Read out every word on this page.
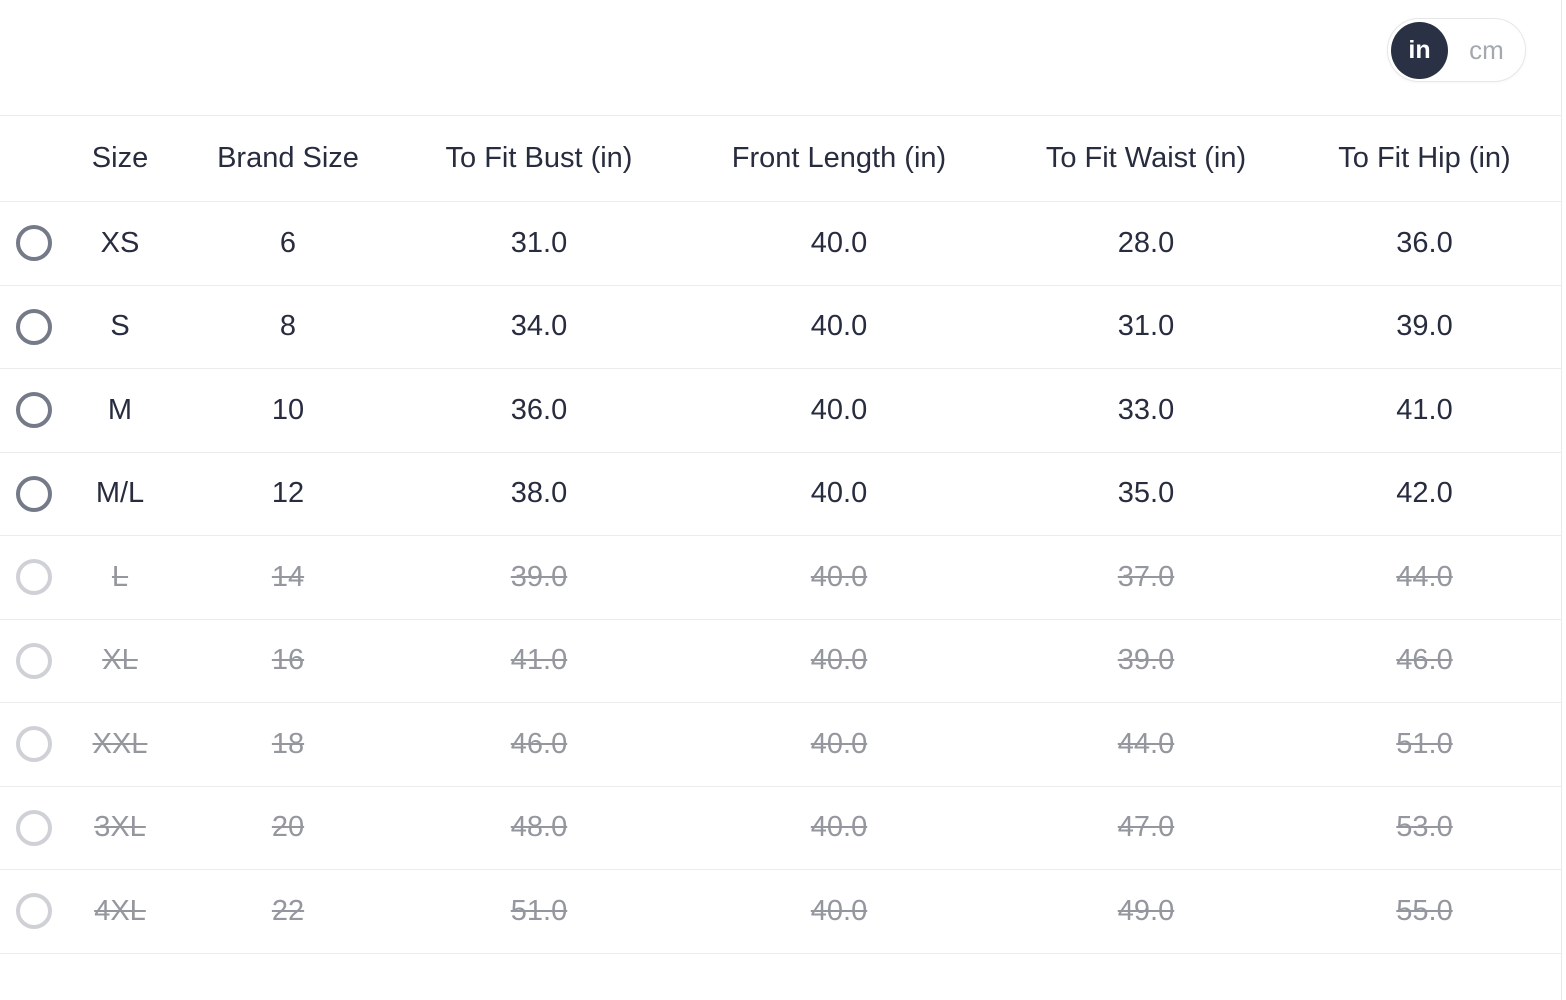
in	cm
Size	Brand Size	To Fit Bust (in)	Front Length (in)	To Fit Waist (in)	To Fit Hip (in)
XS	6	31.0	40.0	28.0	36.0
S	8	34.0	40.0	31.0	39.0
M	10	36.0	40.0	33.0	41.0
M/L	12	38.0	40.0	35.0	42.0
L	14	39.0	40.0	37.0	44.0
XL	16	41.0	40.0	39.0	46.0
XXL	18	46.0	40.0	44.0	51.0
3XL	20	48.0	40.0	47.0	53.0
4XL	22	51.0	40.0	49.0	55.0
